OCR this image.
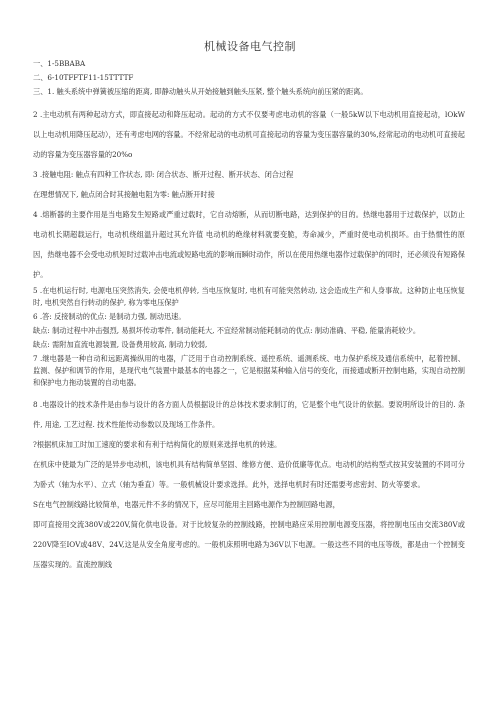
机械设备电气控制
一、1-5BBABA
二、6-10TFFTF11-15TTTTF
三、1. 触头系统中弹簧被压缩的距离, 即静动触头从开始接触到触头压紧, 整个触头系统向前压紧的距离。
2 .主电动机有两种起动方式，即直接起动和降压起动。起动的方式不仅要考虑电动机的容量（一般5kW以下电动机用直接起动，lOkW以上电动机用降压起动），还有考虑电网的容量。不经常起动的电动机可直接起动的容量为变压器容量的30%,经常起动的电动机可直接起动的容量为变压器容量的20%o
3 .接触电阻: 触点有四种工作状态, 即: 闭合状态、断开过程、断开状态、闭合过程
在理想情况下, 触点闭合时其接触电阻为零: 触点断开时接
4 .熔断器的主要作用是当电路发生短路或严重过载时，它自动熔断，从而切断电路，达到保护的目的。热继电器用于过载保护，以防止电动机长期超载运行，电动机绕组温升超过其允许值 电动机的绝缘材料就要变脆，寿命减少，严重时使电动机损坏。由于热惯性的原因，热继电器不会受电动机短时过载冲击电流或短路电流的影响而瞬时动作，所以在使用热继电器作过载保护的同时，还必须没有短路保护。
5 .在电机运行时, 电源电压突然消失, 会使电机停转, 当电压恢复时, 电机有可能突然转动, 这会造成生产和人身事故。这种防止电压恢复时, 电机突然自行转动的保护, 称为零电压保护
6 .答: 反接制动的优点: 是制动力强, 制动迅速。
缺点: 制动过程中冲击强烈, 易损坏传动零件, 制动能耗大, 不宜经常制动能耗制动的优点: 制动准确、平稳, 能量消耗较少。
缺点: 需附加直流电源装置, 设备费用较高, 制动力较弱,
7 .继电器是一种自动和远距离操纵用的电器，广泛用于自动控制系统、遥控系统、遥测系统、电力保护系统及通信系统中，起着控制、监测、保护和调节的作用，是现代电气装置中最基本的电器之一，它是根据某种输入信号的变化，而接通或断开控制电路，实现自动控制和保护电力拖动装置的自动电器。
8 .电器设计的技术条件是由参与设计的各方面人员根据设计的总体技术要求制订的，它是整个电气设计的依据。要说明所设计的目的. 条件, 用途, 工艺过程. 技术性能传动参数以及现场工作条件。
?根据机床加工时加工速度的要求和有利于结构简化的原则来选择电机的转速。
在机床中使最为广泛的是异步电动机，该电机具有结构简单坚固、维修方便、造价低廉等优点。电动机的结构型式按其安装置的不同可分为卧式（轴为水平）、立式（轴为垂直）等。一般机械设计要求选择。此外，选择电机时有时还需要考虑密封、防火等要求。
S在电气控制线路比较简单，电器元件不多的情况下，应尽可能用主回路电源作为控制回路电源，
即可直接用交流380V或220V,简化供电设备。对于比较复杂的控制线路，控制电路应采用控制电源变压器，将控制电压由交流380V或220V降至IOV或48V、24V,这是从安全角度考虑的。一般机床照明电路为36V以下电源。一般这些不同的电压等级，都是由一个控制变压器实现的。直流控制线
